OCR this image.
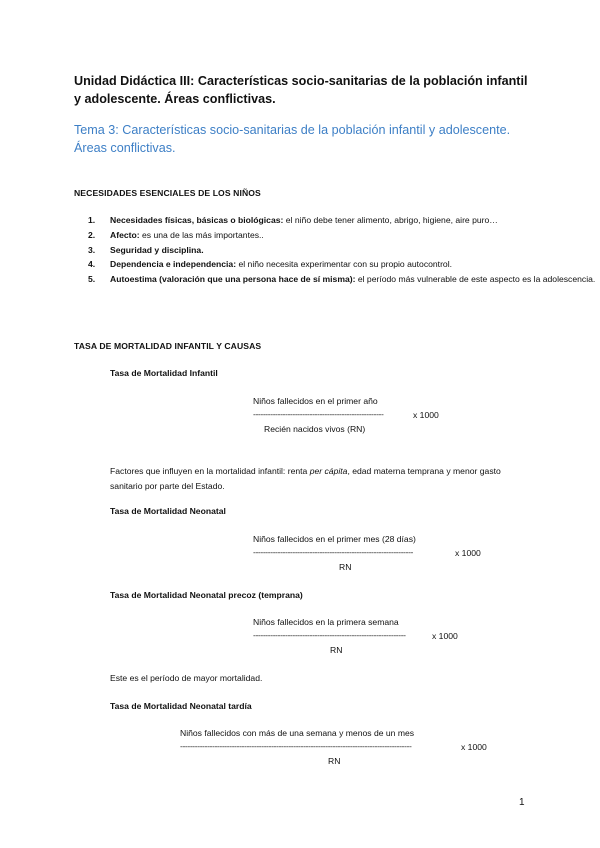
Unidad Didáctica III: Características socio-sanitarias de la población infantil y adolescente. Áreas conflictivas.
Tema 3: Características socio-sanitarias de la población infantil y adolescente. Áreas conflictivas.
NECESIDADES ESENCIALES DE LOS NIÑOS
1. Necesidades físicas, básicas o biológicas: el niño debe tener alimento, abrigo, higiene, aire puro…
2. Afecto: es una de las más importantes..
3. Seguridad y disciplina.
4. Dependencia e independencia: el niño necesita experimentar con su propio autocontrol.
5. Autoestima (valoración que una persona hace de sí misma): el período más vulnerable de este aspecto es la adolescencia.
TASA DE MORTALIDAD INFANTIL Y CAUSAS
Tasa de Mortalidad Infantil
Niños fallecidos en el primer año
-----------------------------------------------------	x 1000
Recién nacidos vivos (RN)
Factores que influyen en la mortalidad infantil: renta per cápita, edad materna temprana y menor gasto sanitario por parte del Estado.
Tasa de Mortalidad Neonatal
Niños fallecidos en el primer mes (28 días)
-----------------------------------------------------------------	x 1000
RN
Tasa de Mortalidad Neonatal precoz (temprana)
Niños fallecidos en la primera semana
--------------------------------------------------------------	x 1000
RN
Este es el período de mayor mortalidad.
Tasa de Mortalidad Neonatal tardía
Niños fallecidos con más de una semana y menos de un mes
----------------------------------------------------------------------------------------------	x 1000
RN
1
